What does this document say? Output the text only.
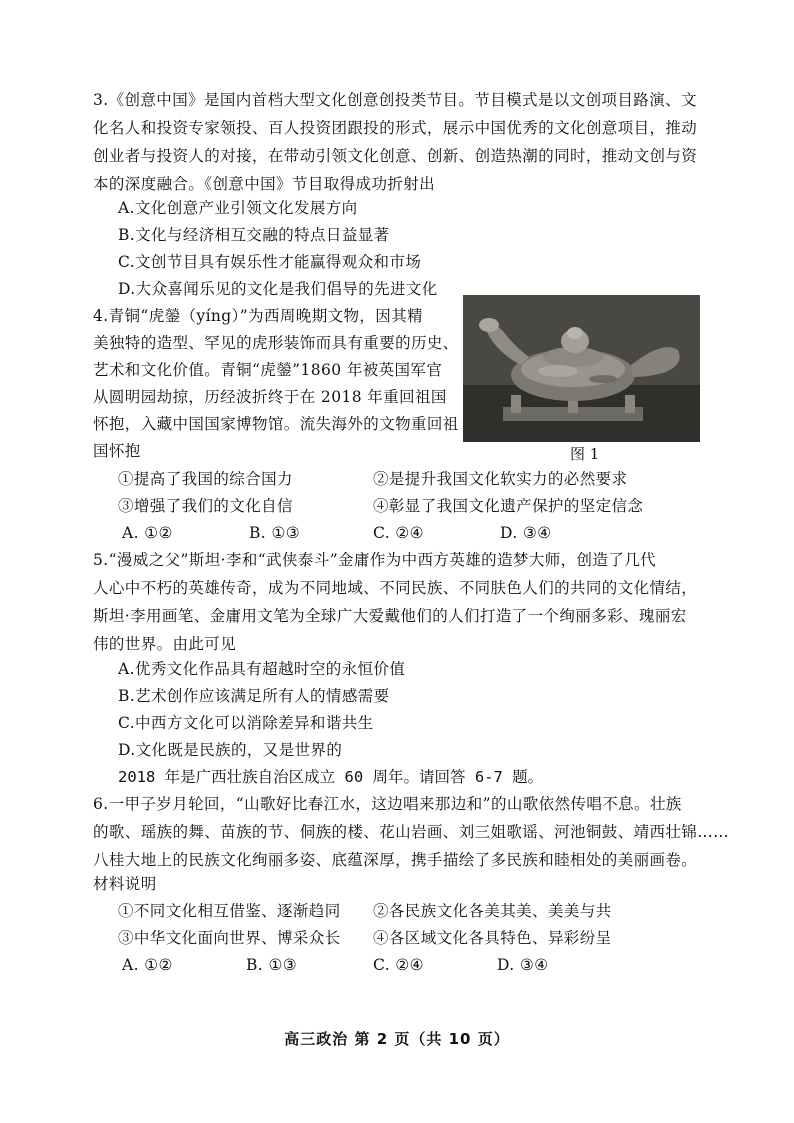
3.《创意中国》是国内首档大型文化创意创投类节目。节目模式是以文创项目路演、文
化名人和投资专家领投、百人投资团跟投的形式，展示中国优秀的文化创意项目，推动
创业者与投资人的对接，在带动引领文化创意、创新、创造热潮的同时，推动文创与资
本的深度融合。《创意中国》节目取得成功折射出
A.文化创意产业引领文化发展方向
B.文化与经济相互交融的特点日益显著
C.文创节目具有娱乐性才能赢得观众和市场
D.大众喜闻乐见的文化是我们倡导的先进文化
4.青铜“虎鎣（yíng）”为西周晚期文物，因其精
美独特的造型、罕见的虎形装饰而具有重要的历史、
艺术和文化价值。青铜“虎鎣”1860 年被英国军官
从圆明园劫掠，历经波折终于在 2018 年重回祖国
怀抱，入藏中国国家博物馆。流失海外的文物重回祖
国怀抱	图 1
①提高了我国的综合国力	②是提升我国文化软实力的必然要求
③增强了我们的文化自信	④彰显了我国文化遗产保护的坚定信念
A. ①②	B. ①③	C. ②④	D. ③④
5.“漫威之父”斯坦·李和“武侠泰斗”金庸作为中西方英雄的造梦大师，创造了几代
人心中不朽的英雄传奇，成为不同地域、不同民族、不同肤色人们的共同的文化情结，
斯坦·李用画笔、金庸用文笔为全球广大爱戴他们的人们打造了一个绚丽多彩、瑰丽宏
伟的世界。由此可见
A.优秀文化作品具有超越时空的永恒价值
B.艺术创作应该满足所有人的情感需要
C.中西方文化可以消除差异和谐共生
D.文化既是民族的，又是世界的
2018 年是广西壮族自治区成立 60 周年。请回答 6-7 题。
6.一甲子岁月轮回，“山歌好比春江水，这边唱来那边和”的山歌依然传唱不息。壮族
的歌、瑶族的舞、苗族的节、侗族的楼、花山岩画、刘三姐歌谣、河池铜鼓、靖西壮锦……
八桂大地上的民族文化绚丽多姿、底蕴深厚，携手描绘了多民族和睦相处的美丽画卷。
材料说明
①不同文化相互借鉴、逐渐趋同 ②各民族文化各美其美、美美与共
③中华文化面向世界、博采众长 ④各区域文化各具特色、异彩纷呈
A. ①②	B. ①③	C. ②④	D. ③④
高三政治 第 2 页（共 10 页）
